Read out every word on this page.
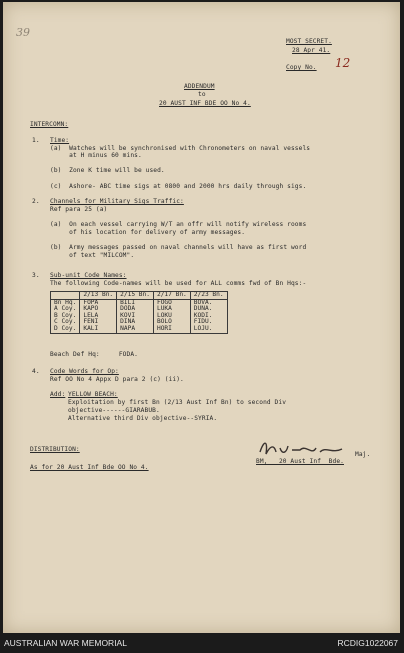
39
MOST SECRET.
28 Apr 41.
Copy No. 12
ADDENDUM
to
20 AUST INF BDE OO No 4.
INTERCOMN:
1. Time:
(a)  Watches will be synchronised with Chronometers on naval vessels
at H minus 60 mins.
(b)  Zone K time will be used.
(c)  Ashore- ABC time sigs at 0800 and 2000 hrs daily through sigs.
2. Channels for Military Sigs Traffic:
Ref para 25 (a)
(a)  On each vessel carrying W/T an offr will notify wireless rooms
of his location for delivery of army messages.
(b)  Army messages passed on naval channels will have as first word
of text "MILCOM".
3. Sub-unit Code Names:
The following Code-names will be used for ALL comms fwd of Bn Hqs:-
	2/13 Bn.	2/15 Bn.	2/17 Bn.	2/23 Bn.
Bn Hq.	FOPA	BILI	FOGO	BOVA.
A Coy.	KAPO	DODA	LUKA	DUNA.
B Coy.	LELA	KOVI	LOKU	KODI.
C Coy.	FENI	DINA	BOLO	FIDU.
D Coy.	KALI	NAPA	HORI	LOJU.
Beach Def Hq:     FODA.
4. Code Words for Op:
Ref OO No 4 Appx D para 2 (c) (ii).
Add: YELLOW BEACH:
Exploitation by first Bn (2/13 Aust Inf Bn) to second Div
objective------GIARABUB.
Alternative third Div objective--SYRIA.
Maj.
BM,   20 Aust Inf  Bde.
DISTRIBUTION:
As for 20 Aust Inf Bde OO No 4.
AUSTRALIAN WAR MEMORIAL	RCDIG1022067
